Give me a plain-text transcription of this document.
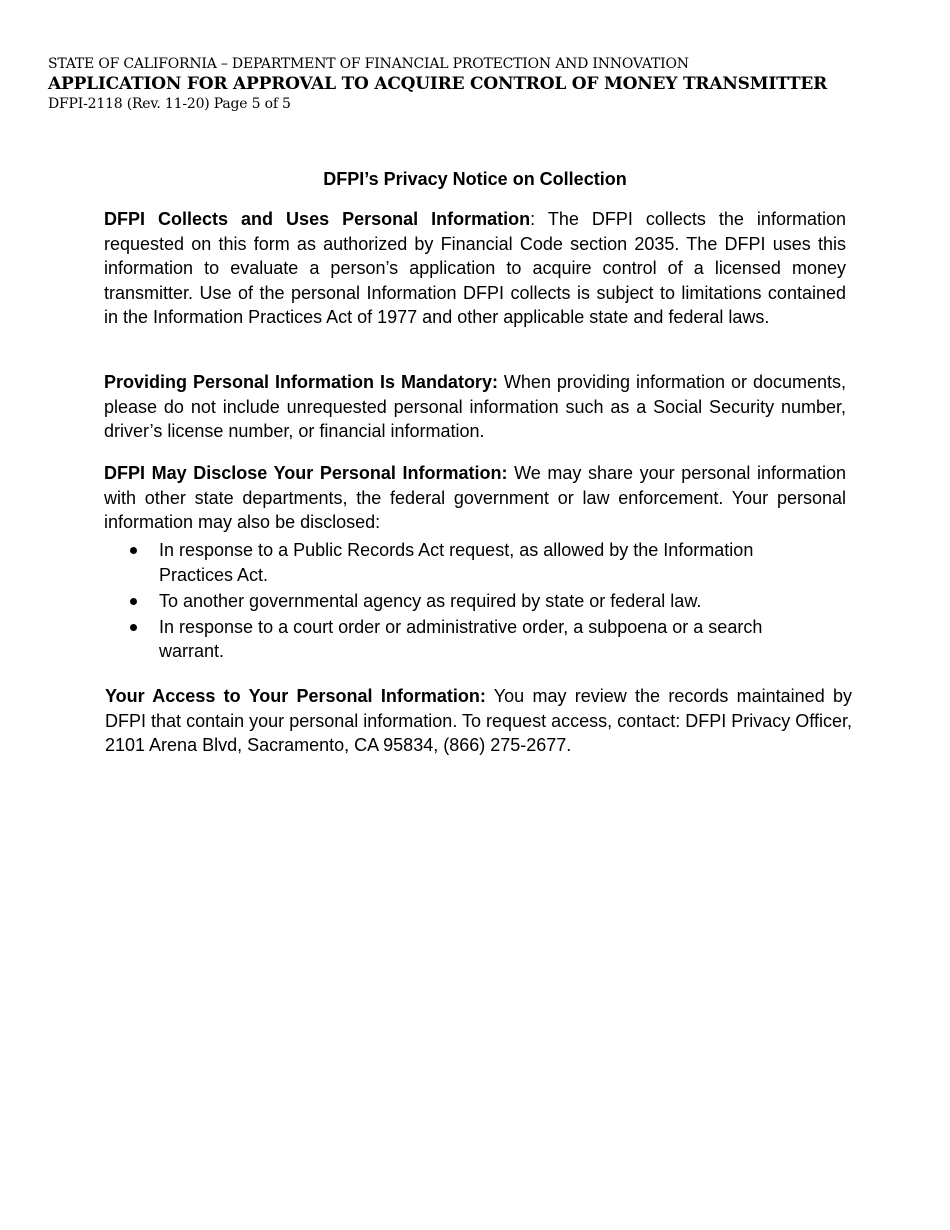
STATE OF CALIFORNIA – DEPARTMENT OF FINANCIAL PROTECTION AND INNOVATION
APPLICATION FOR APPROVAL TO ACQUIRE CONTROL OF MONEY TRANSMITTER
DFPI-2118 (Rev. 11-20) Page 5 of 5
DFPI’s Privacy Notice on Collection

DFPI Collects and Uses Personal Information: The DFPI collects the information requested on this form as authorized by Financial Code section 2035. The DFPI uses this information to evaluate a person’s application to acquire control of a licensed money transmitter. Use of the personal Information DFPI collects is subject to limitations contained in the Information Practices Act of 1977 and other applicable state and federal laws.

Providing Personal Information Is Mandatory: When providing information or documents, please do not include unrequested personal information such as a Social Security number, driver’s license number, or financial information.

DFPI May Disclose Your Personal Information: We may share your personal information with other state departments, the federal government or law enforcement. Your personal information may also be disclosed:

In response to a Public Records Act request, as allowed by the Information Practices Act.
To another governmental agency as required by state or federal law.
In response to a court order or administrative order, a subpoena or a search warrant.

Your Access to Your Personal Information: You may review the records maintained by DFPI that contain your personal information. To request access, contact: DFPI Privacy Officer, 2101 Arena Blvd, Sacramento, CA 95834, (866) 275-2677.
